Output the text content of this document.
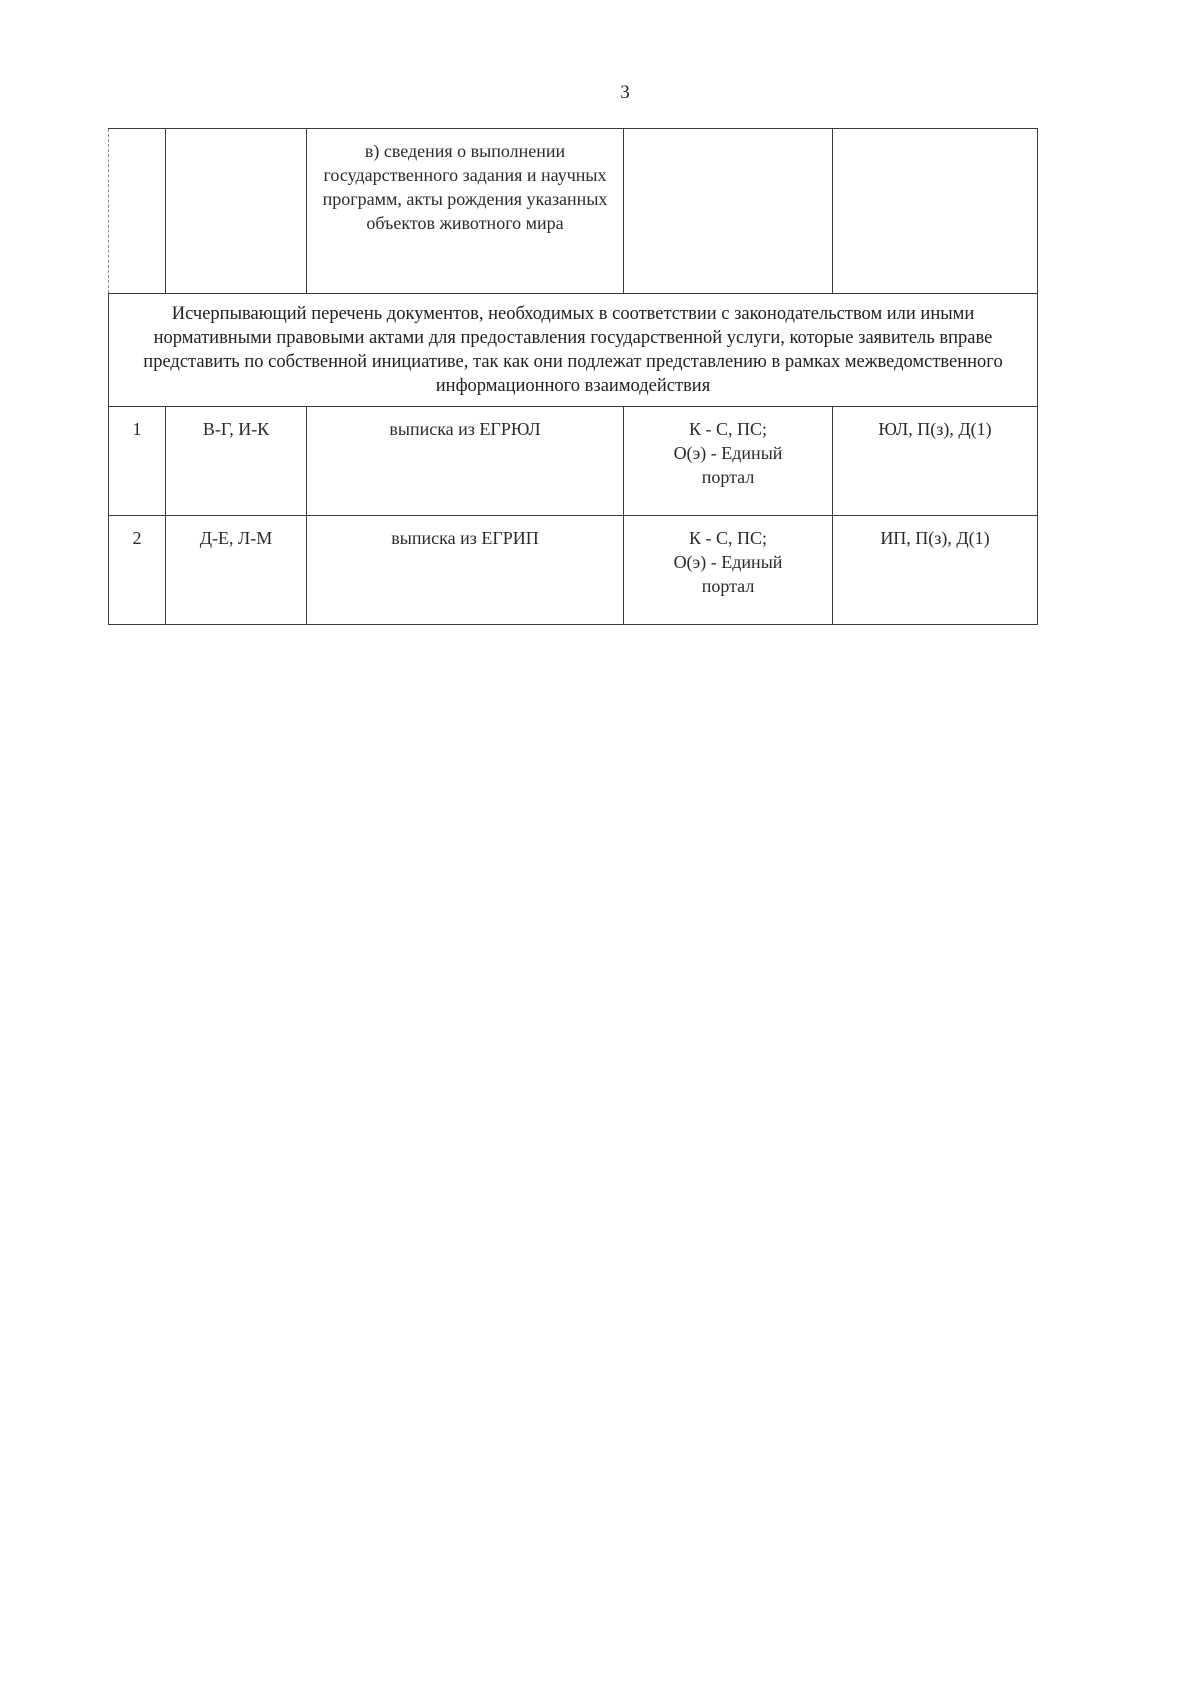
3
		в) сведения о выполнении государственного задания и научных программ, акты рождения указанных объектов животного мира		
Исчерпывающий перечень документов, необходимых в соответствии с законодательством или иными нормативными правовыми актами для предоставления государственной услуги, которые заявитель вправе представить по собственной инициативе, так как они подлежат представлению в рамках межведомственного информационного взаимодействия				
1	В-Г, И-К	выписка из ЕГРЮЛ	К - С, ПС;
О(э) - Единый
портал	ЮЛ, П(з), Д(1)
2	Д-Е, Л-М	выписка из ЕГРИП	К - С, ПС;
О(э) - Единый
портал	ИП, П(з), Д(1)
